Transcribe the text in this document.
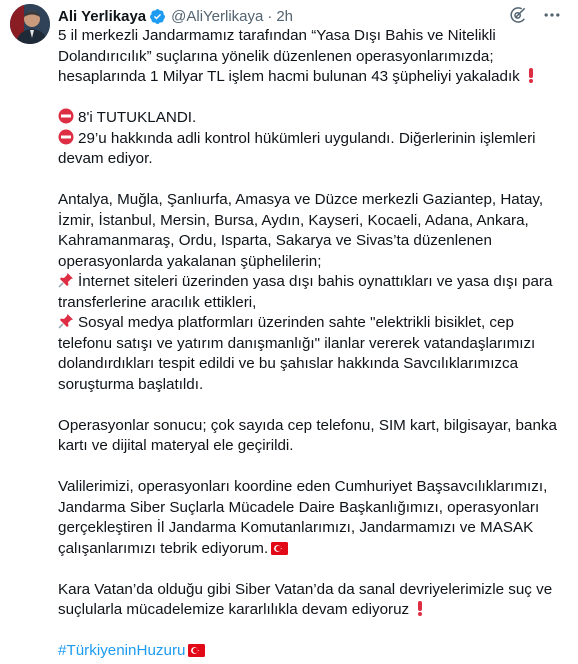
Ali Yerlikaya @AliYerlikaya · 2h

5 il merkezli Jandarmamız tarafından “Yasa Dışı Bahis ve Nitelikli

Dolandırıcılık” suçlarına yönelik düzenlenen operasyonlarımızda;

hesaplarında 1 Milyar TL işlem hacmi bulunan 43 şüpheliyi yakaladık

8'i TUTUKLANDI.

29’u hakkında adli kontrol hükümleri uygulandı. Diğerlerinin işlemleri

devam ediyor.

Antalya, Muğla, Şanlıurfa, Amasya ve Düzce merkezli Gaziantep, Hatay,

İzmir, İstanbul, Mersin, Bursa, Aydın, Kayseri, Kocaeli, Adana, Ankara,

Kahramanmaraş, Ordu, Isparta, Sakarya ve Sivas’ta düzenlenen

operasyonlarda yakalanan şüphelilerin;

İnternet siteleri üzerinden yasa dışı bahis oynattıkları ve yasa dışı para

transferlerine aracılık ettikleri,

Sosyal medya platformları üzerinden sahte "elektrikli bisiklet, cep

telefonu satışı ve yatırım danışmanlığı" ilanlar vererek vatandaşlarımızı

dolandırdıkları tespit edildi ve bu şahıslar hakkında Savcılıklarımızca

soruşturma başlatıldı.

Operasyonlar sonucu; çok sayıda cep telefonu, SIM kart, bilgisayar, banka

kartı ve dijital materyal ele geçirildi.

Valilerimizi, operasyonları koordine eden Cumhuriyet Başsavcılıklarımızı,

Jandarma Siber Suçlarla Mücadele Daire Başkanlığımızı, operasyonları

gerçekleştiren İl Jandarma Komutanlarımızı, Jandarmamızı ve MASAK

çalışanlarımızı tebrik ediyorum.

Kara Vatan’da olduğu gibi Siber Vatan’da da sanal devriyelerimizle suç ve

suçlularla mücadelemize kararlılıkla devam ediyoruz

#TürkiyeninHuzuru
